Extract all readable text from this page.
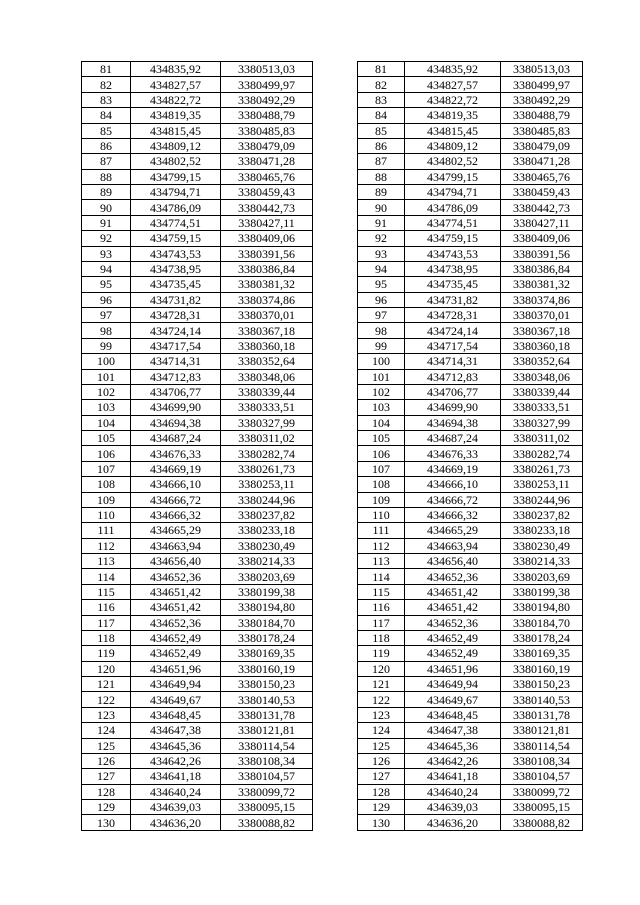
81	434835,92	3380513,03
82	434827,57	3380499,97
83	434822,72	3380492,29
84	434819,35	3380488,79
85	434815,45	3380485,83
86	434809,12	3380479,09
87	434802,52	3380471,28
88	434799,15	3380465,76
89	434794,71	3380459,43
90	434786,09	3380442,73
91	434774,51	3380427,11
92	434759,15	3380409,06
93	434743,53	3380391,56
94	434738,95	3380386,84
95	434735,45	3380381,32
96	434731,82	3380374,86
97	434728,31	3380370,01
98	434724,14	3380367,18
99	434717,54	3380360,18
100	434714,31	3380352,64
101	434712,83	3380348,06
102	434706,77	3380339,44
103	434699,90	3380333,51
104	434694,38	3380327,99
105	434687,24	3380311,02
106	434676,33	3380282,74
107	434669,19	3380261,73
108	434666,10	3380253,11
109	434666,72	3380244,96
110	434666,32	3380237,82
111	434665,29	3380233,18
112	434663,94	3380230,49
113	434656,40	3380214,33
114	434652,36	3380203,69
115	434651,42	3380199,38
116	434651,42	3380194,80
117	434652,36	3380184,70
118	434652,49	3380178,24
119	434652,49	3380169,35
120	434651,96	3380160,19
121	434649,94	3380150,23
122	434649,67	3380140,53
123	434648,45	3380131,78
124	434647,38	3380121,81
125	434645,36	3380114,54
126	434642,26	3380108,34
127	434641,18	3380104,57
128	434640,24	3380099,72
129	434639,03	3380095,15
130	434636,20	3380088,82
81	434835,92	3380513,03
82	434827,57	3380499,97
83	434822,72	3380492,29
84	434819,35	3380488,79
85	434815,45	3380485,83
86	434809,12	3380479,09
87	434802,52	3380471,28
88	434799,15	3380465,76
89	434794,71	3380459,43
90	434786,09	3380442,73
91	434774,51	3380427,11
92	434759,15	3380409,06
93	434743,53	3380391,56
94	434738,95	3380386,84
95	434735,45	3380381,32
96	434731,82	3380374,86
97	434728,31	3380370,01
98	434724,14	3380367,18
99	434717,54	3380360,18
100	434714,31	3380352,64
101	434712,83	3380348,06
102	434706,77	3380339,44
103	434699,90	3380333,51
104	434694,38	3380327,99
105	434687,24	3380311,02
106	434676,33	3380282,74
107	434669,19	3380261,73
108	434666,10	3380253,11
109	434666,72	3380244,96
110	434666,32	3380237,82
111	434665,29	3380233,18
112	434663,94	3380230,49
113	434656,40	3380214,33
114	434652,36	3380203,69
115	434651,42	3380199,38
116	434651,42	3380194,80
117	434652,36	3380184,70
118	434652,49	3380178,24
119	434652,49	3380169,35
120	434651,96	3380160,19
121	434649,94	3380150,23
122	434649,67	3380140,53
123	434648,45	3380131,78
124	434647,38	3380121,81
125	434645,36	3380114,54
126	434642,26	3380108,34
127	434641,18	3380104,57
128	434640,24	3380099,72
129	434639,03	3380095,15
130	434636,20	3380088,82
